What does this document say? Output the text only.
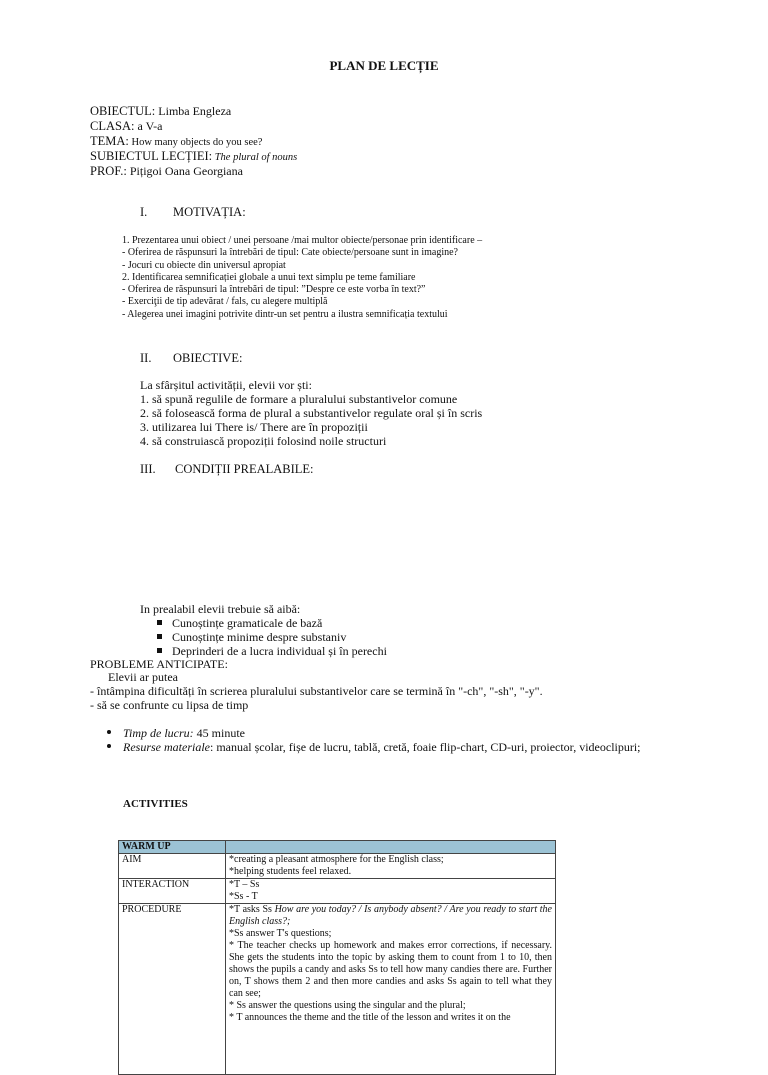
PLAN DE LECȚIE
OBIECTUL: Limba Engleza
CLASA: a V-a
TEMA: How many objects do you see?
SUBIECTUL LECȚIEI: The plural of nouns
PROF.: Pițigoi Oana Georgiana
I. MOTIVAȚIA:
1. Prezentarea unui obiect / unei persoane /mai multor obiecte/personae prin identificare –
- Oferirea de răspunsuri la întrebări de tipul: Cate obiecte/persoane sunt in imagine?
- Jocuri cu obiecte din universul apropiat
2. Identificarea semnificației globale a unui text simplu pe teme familiare
- Oferirea de răspunsuri la întrebări de tipul: ”Despre ce este vorba în text?”
- Exerciţii de tip adevărat / fals, cu alegere multiplă
- Alegerea unei imagini potrivite dintr-un set pentru a ilustra semnificația textului
II. OBIECTIVE:
La sfârșitul activității, elevii vor ști:
1. să spună regulile de formare a pluralului substantivelor comune
2. să folosească forma de plural a substantivelor regulate oral și în scris
3. utilizarea lui There is/ There are în propoziții
4. să construiască propoziții folosind noile structuri
III. CONDIȚII PREALABILE:
In prealabil elevii trebuie să aibă:
Cunoștințe gramaticale de bază
Cunoștințe minime despre substaniv
Deprinderi de a lucra individual și în perechi
PROBLEME ANTICIPATE:
Elevii ar putea
- întâmpina dificultăți în scrierea pluralului substantivelor care se termină în "-ch", "-sh", "-y".
- să se confrunte cu lipsa de timp
Timp de lucru: 45 minute
Resurse materiale: manual școlar, fișe de lucru, tablă, cretă, foaie flip-chart, CD-uri, proiector, videoclipuri;
ACTIVITIES
WARM UP	
AIM	*creating a pleasant atmosphere for the English class;
*helping students feel relaxed.

INTERACTION	*T – Ss
*Ss - T

PROCEDURE	*T asks Ss How are you today? / Is anybody absent? / Are you ready to start the English class?;
*Ss answer T's questions;
* The teacher checks up homework and makes error corrections, if necessary. She gets the students into the topic by asking them to count from 1 to 10, then shows the pupils a candy and asks Ss to tell how many candies there are. Further on, T shows them 2 and then more candies and asks Ss again to tell what they can see;
* Ss answer the questions using the singular and the plural;
* T announces the theme and the title of the lesson and writes it on the
